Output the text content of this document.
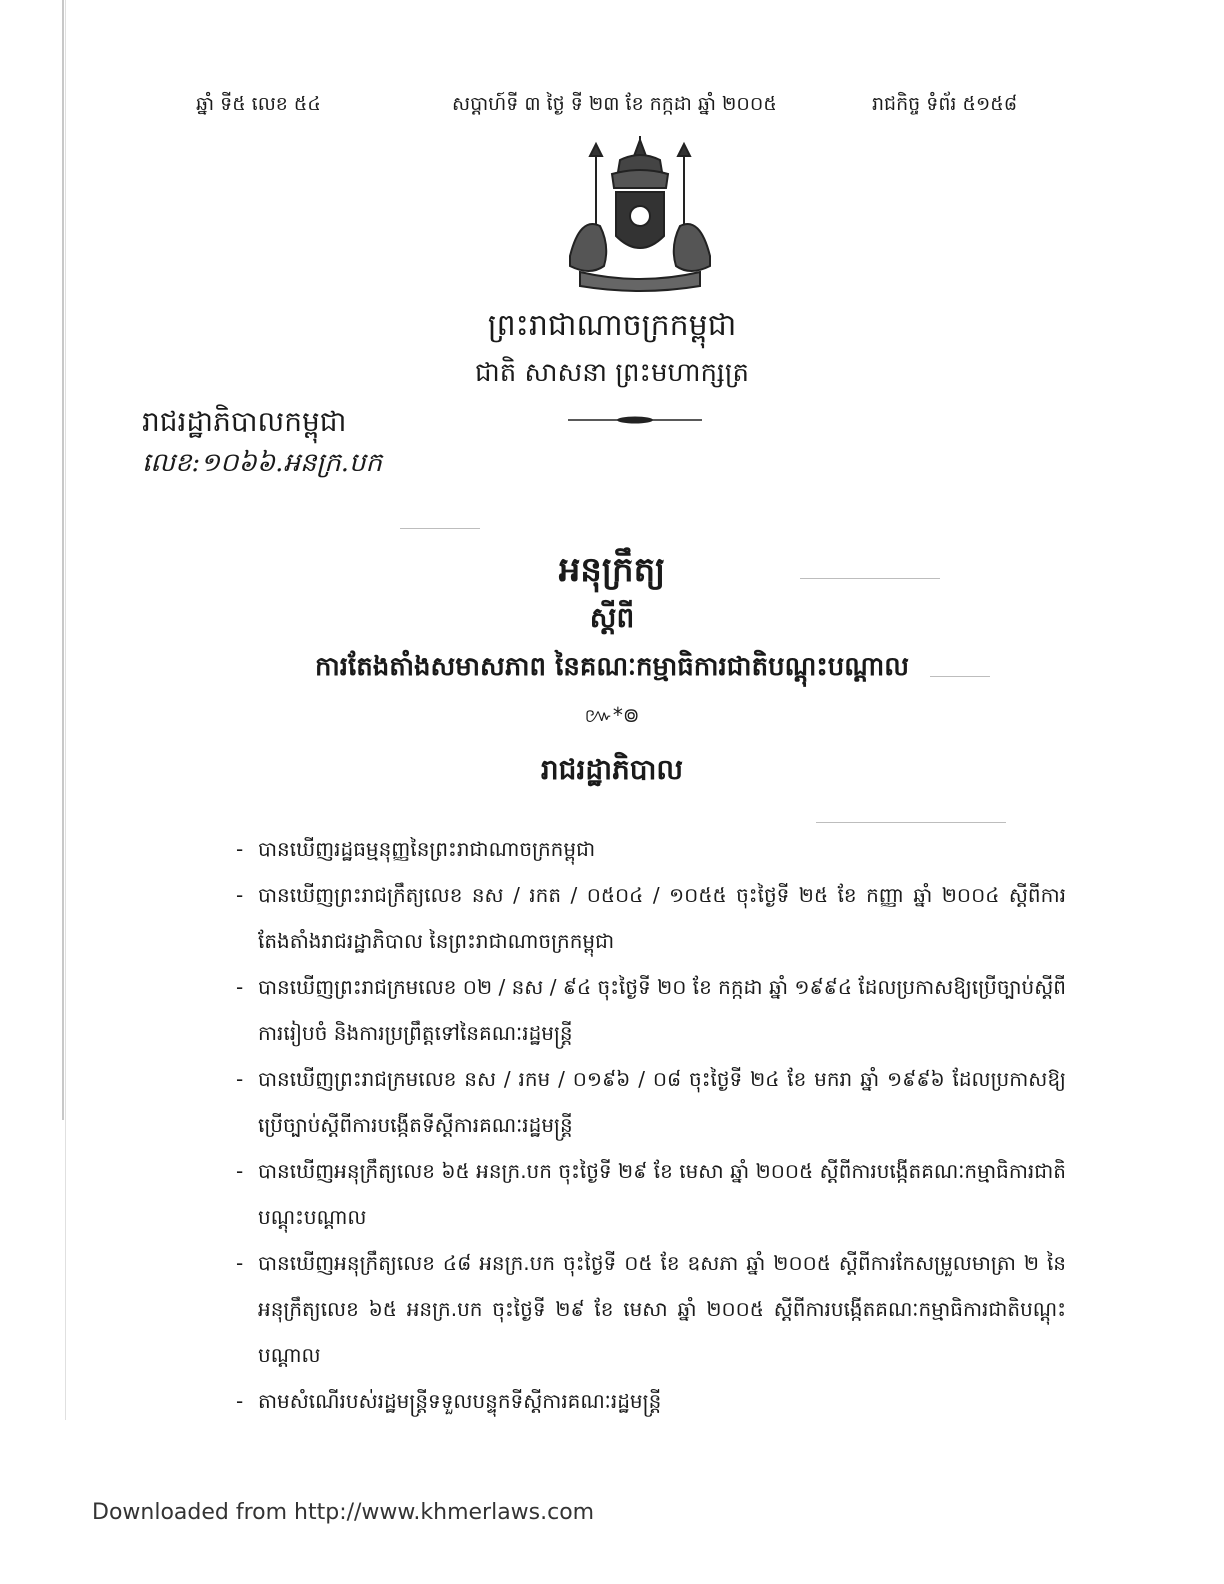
ឆ្នាំ ទី៥ លេខ ៥៤	សប្តាហ៍ទី ៣ ថ្ងៃ ទី ២៣ ខែ កក្កដា ឆ្នាំ ២០០៥	រាជកិច្ច ទំព័រ ៥១៥៨
ព្រះរាជាណាចក្រកម្ពុជា
ជាតិ សាសនា ព្រះមហាក្សត្រ
រាជរដ្ឋាភិបាលកម្ពុជា
លេខ:១០៦៦.អនក្រ.បក
អនុក្រឹត្យ
ស្តីពី
ការតែងតាំងសមាសភាព នៃគណៈកម្មាធិការជាតិបណ្តុះបណ្តាល
៚*៙
រាជរដ្ឋាភិបាល
- បានឃើញរដ្ឋធម្មនុញ្ញនៃព្រះរាជាណាចក្រកម្ពុជា
- បានឃើញព្រះរាជក្រឹត្យលេខ នស / រកត / ០៥០៤ / ១០៥៥ ចុះថ្ងៃទី ២៥ ខែ កញ្ញា ឆ្នាំ ២០០៤ ស្តីពីការតែងតាំងរាជរដ្ឋាភិបាល នៃព្រះរាជាណាចក្រកម្ពុជា
- បានឃើញព្រះរាជក្រមលេខ ០២ / នស / ៩៤ ចុះថ្ងៃទី ២០ ខែ កក្កដា ឆ្នាំ ១៩៩៤ ដែលប្រកាសឱ្យប្រើច្បាប់ស្តីពីការរៀបចំ និងការប្រព្រឹត្តទៅនៃគណៈរដ្ឋមន្ត្រី
- បានឃើញព្រះរាជក្រមលេខ នស / រកម / ០១៩៦ / ០៨ ចុះថ្ងៃទី ២៤ ខែ មករា ឆ្នាំ ១៩៩៦ ដែលប្រកាសឱ្យប្រើច្បាប់ស្តីពីការបង្កើតទីស្តីការគណៈរដ្ឋមន្ត្រី
- បានឃើញអនុក្រឹត្យលេខ ៦៥ អនក្រ.បក ចុះថ្ងៃទី ២៩ ខែ មេសា ឆ្នាំ ២០០៥ ស្តីពីការបង្កើតគណៈកម្មាធិការជាតិបណ្តុះបណ្តាល
- បានឃើញអនុក្រឹត្យលេខ ៤៨ អនក្រ.បក ចុះថ្ងៃទី ០៥ ខែ ឧសភា ឆ្នាំ ២០០៥ ស្តីពីការកែសម្រួលមាត្រា ២ នៃអនុក្រឹត្យលេខ ៦៥ អនក្រ.បក ចុះថ្ងៃទី ២៩ ខែ មេសា ឆ្នាំ ២០០៥ ស្តីពីការបង្កើតគណៈកម្មាធិការជាតិបណ្តុះបណ្តាល
- តាមសំណើរបស់រដ្ឋមន្ត្រីទទួលបន្ទុកទីស្តីការគណៈរដ្ឋមន្ត្រី
Downloaded from http://www.khmerlaws.com
